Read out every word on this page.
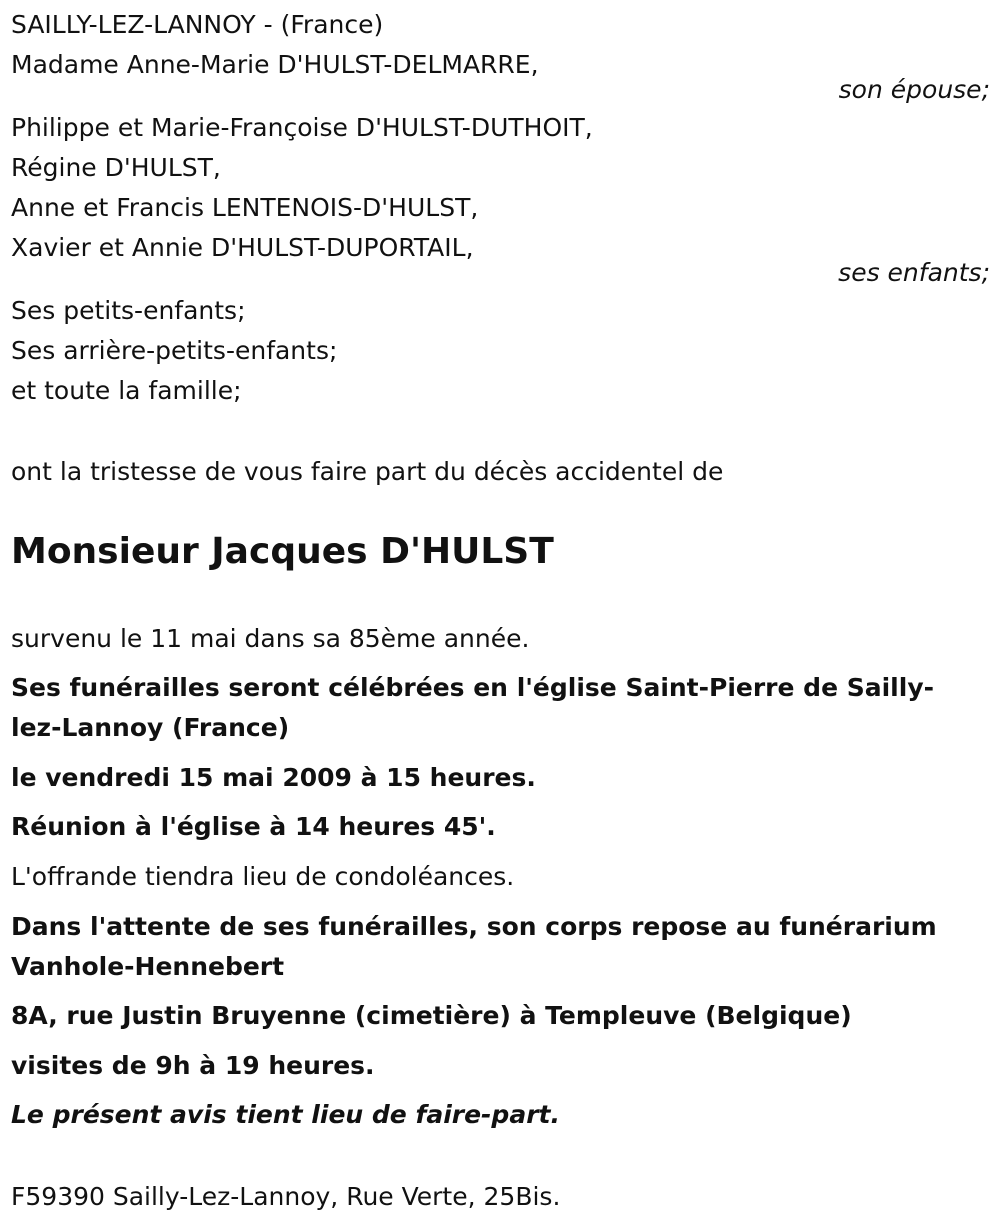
SAILLY-LEZ-LANNOY - (France)
Madame Anne-Marie D'HULST-DELMARRE,
son épouse;
Philippe et Marie-Françoise D'HULST-DUTHOIT,
Régine D'HULST,
Anne et Francis LENTENOIS-D'HULST,
Xavier et Annie D'HULST-DUPORTAIL,
ses enfants;
Ses petits-enfants;
Ses arrière-petits-enfants;
et toute la famille;
ont la tristesse de vous faire part du décès accidentel de
Monsieur Jacques D'HULST
survenu le 11 mai dans sa 85ème année.
Ses funérailles seront célébrées en l'église Saint-Pierre de Sailly-
lez-Lannoy (France)
le vendredi 15 mai 2009 à 15 heures.
Réunion à l'église à 14 heures 45'.
L'offrande tiendra lieu de condoléances.
Dans l'attente de ses funérailles, son corps repose au funérarium
Vanhole-Hennebert
8A, rue Justin Bruyenne (cimetière) à Templeuve (Belgique)
visites de 9h à 19 heures.
Le présent avis tient lieu de faire-part.
F59390 Sailly-Lez-Lannoy, Rue Verte, 25Bis.
